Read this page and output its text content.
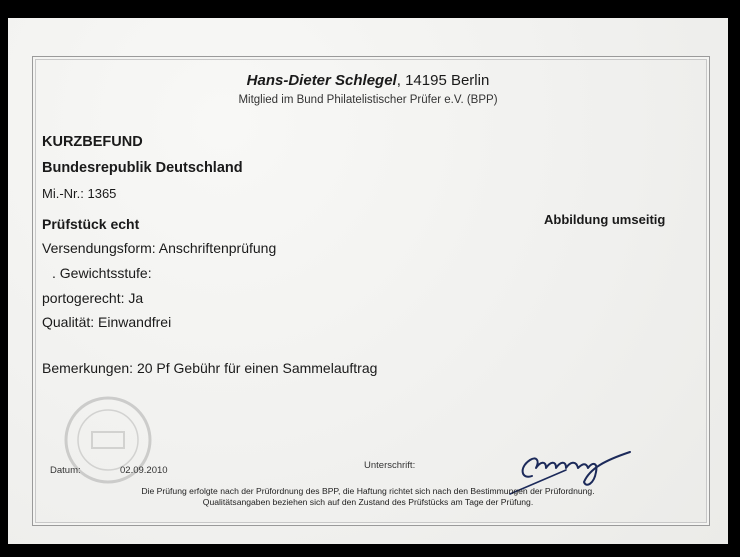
Hans-Dieter Schlegel, 14195 Berlin
Mitglied im Bund Philatelistischer Prüfer e.V. (BPP)
KURZBEFUND
Bundesrepublik Deutschland
Mi.-Nr.: 1365
Prüfstück echt	Abbildung umseitig
Versendungsform: Anschriftenprüfung
. Gewichtsstufe:
portogerecht: Ja
Qualität: Einwandfrei
Bemerkungen: 20 Pf Gebühr für einen Sammelauftrag
Datum:	02.09.2010	Unterschrift:
Die Prüfung erfolgte nach der Prüfordnung des BPP, die Haftung richtet sich nach den Bestimmungen der Prüfordnung.
Qualitätsangaben beziehen sich auf den Zustand des Prüfstücks am Tage der Prüfung.
